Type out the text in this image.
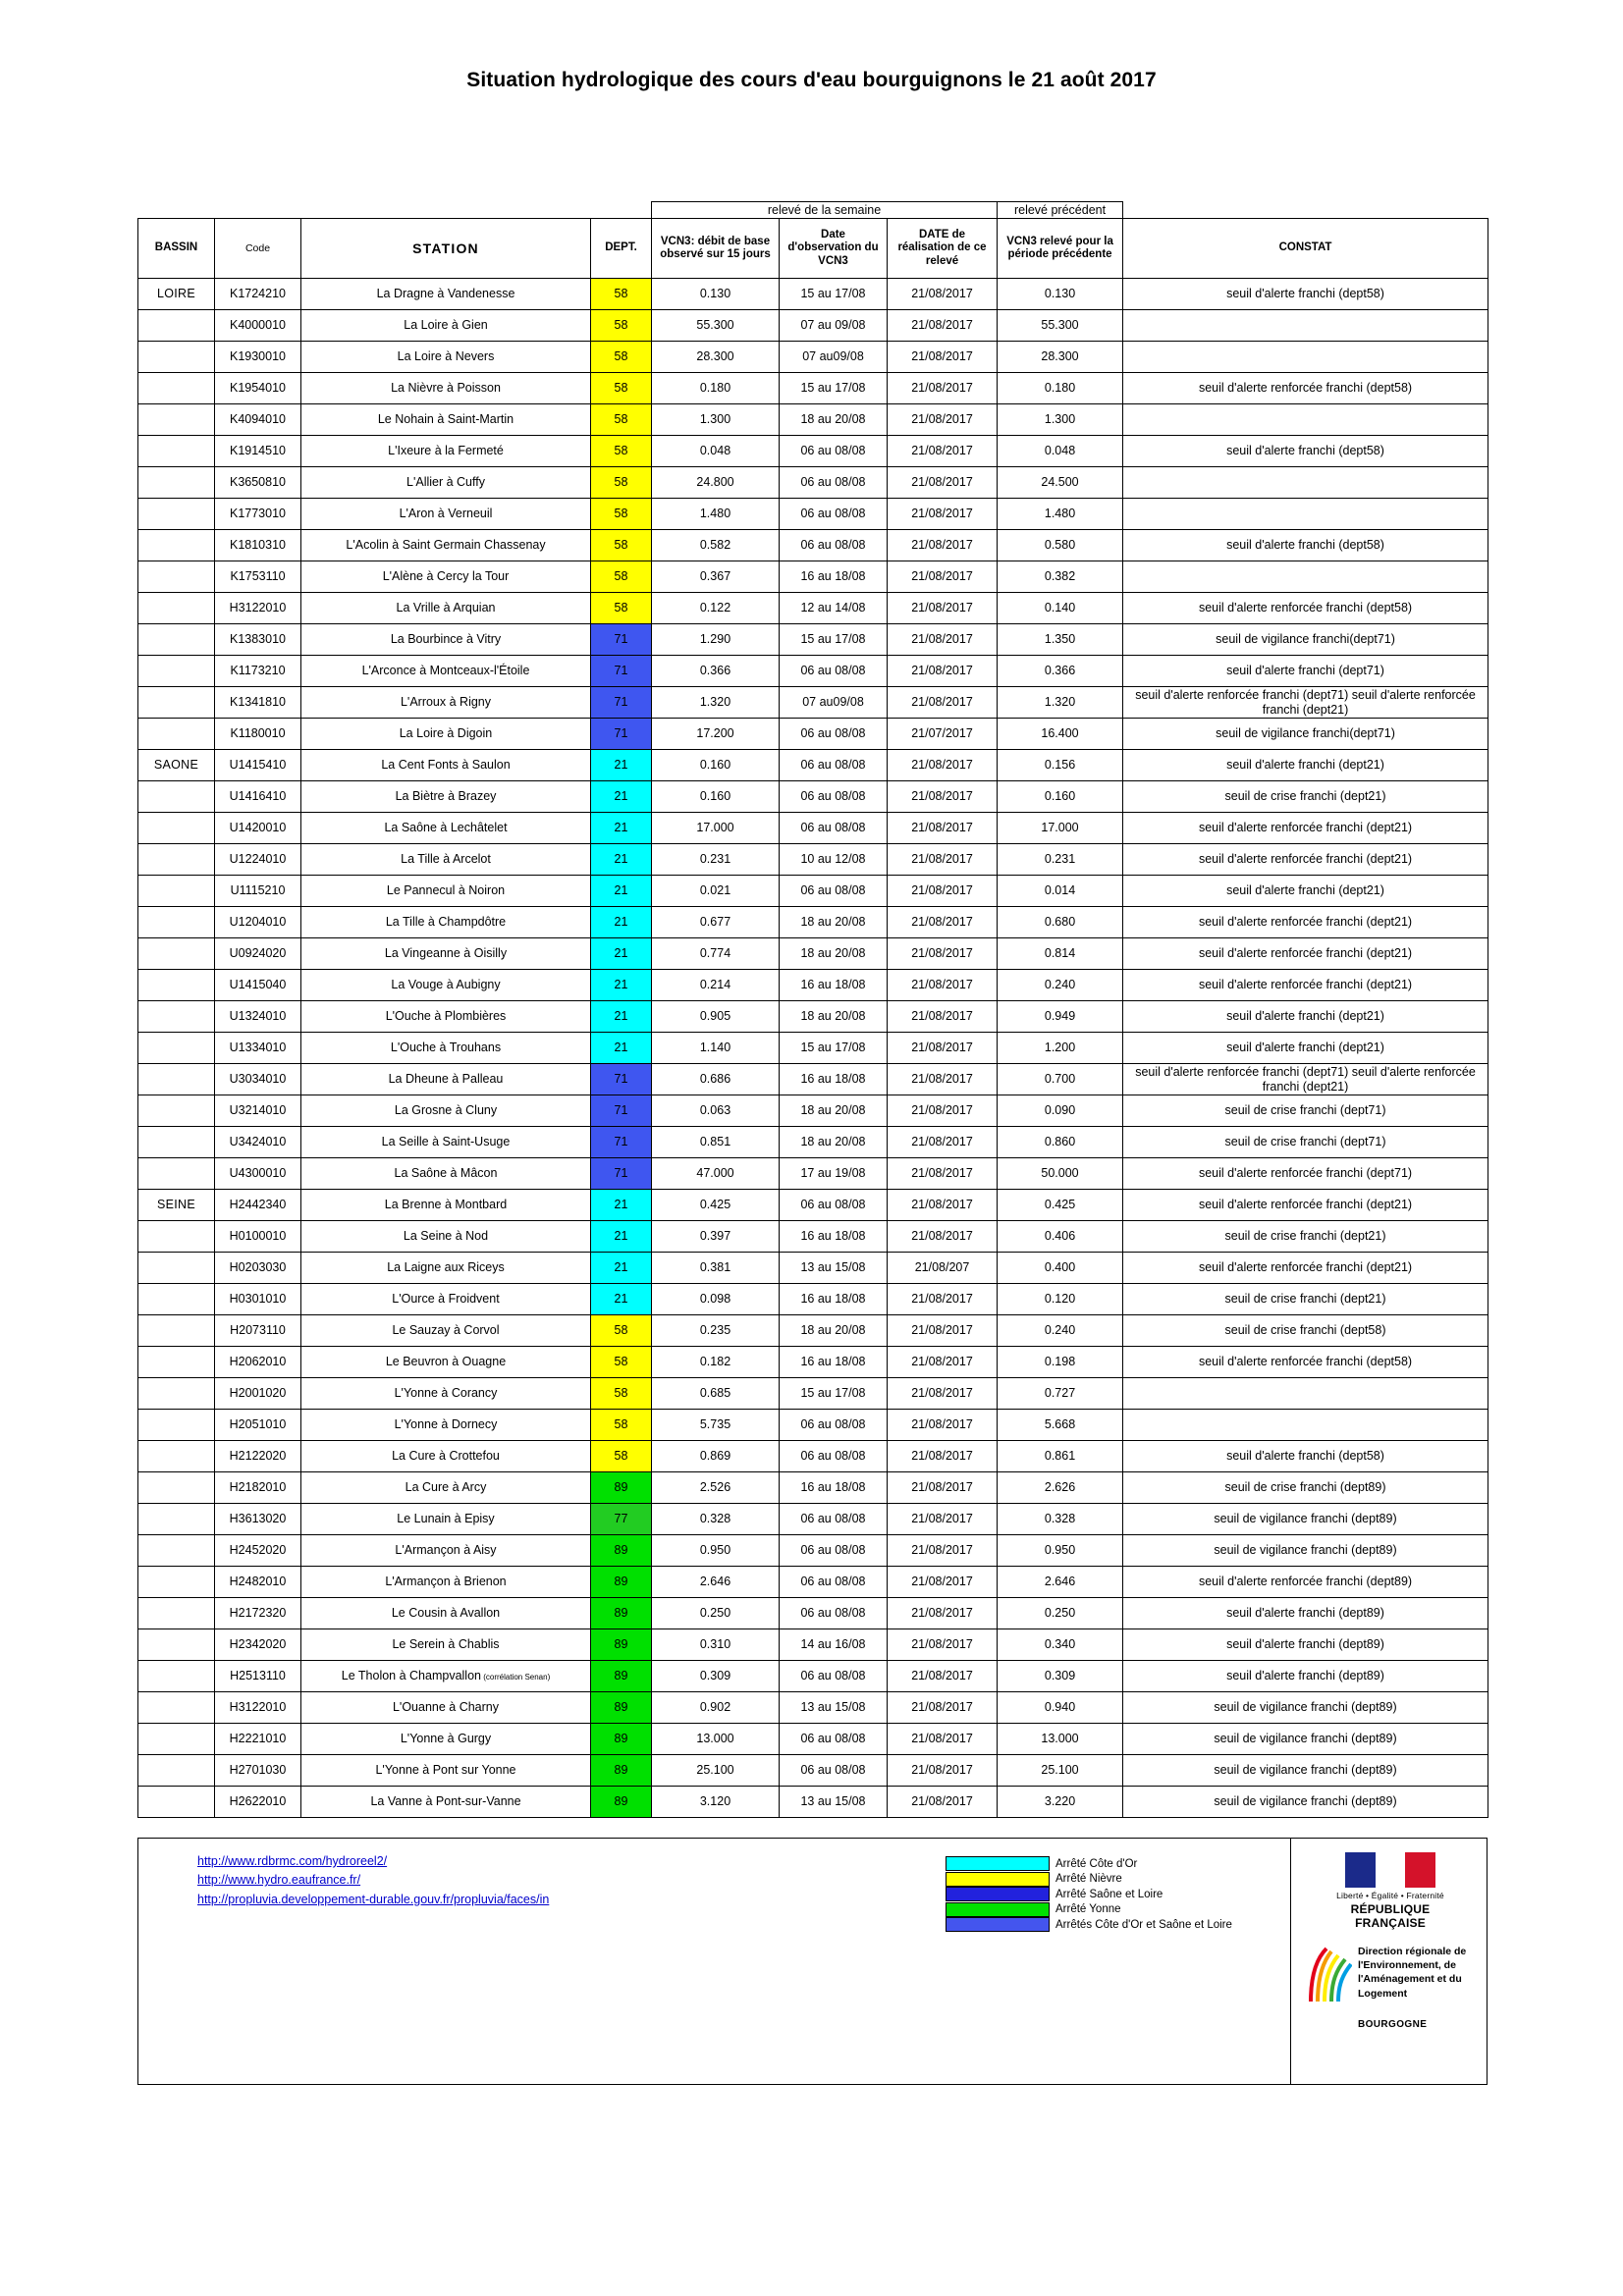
Situation hydrologique des cours d'eau bourguignons le 21 août 2017
				relevé de la semaine			relevé précédent	
BASSIN	Code	STATION	DEPT.	VCN3: débit de base observé sur 15 jours	Date d'observation du VCN3	DATE de réalisation de ce relevé	VCN3 relevé pour la période précédente	CONSTAT
LOIRE	K1724210	La Dragne à Vandenesse	58	0.130	15 au 17/08	21/08/2017	0.130	seuil d'alerte franchi (dept58)
	K4000010	La Loire à Gien	58	55.300	07 au 09/08	21/08/2017	55.300	
	K1930010	La Loire à Nevers	58	28.300	07 au09/08	21/08/2017	28.300	
	K1954010	La Nièvre à Poisson	58	0.180	15 au 17/08	21/08/2017	0.180	seuil d'alerte renforcée franchi (dept58)
	K4094010	Le Nohain à Saint-Martin	58	1.300	18 au 20/08	21/08/2017	1.300	
	K1914510	L'Ixeure à la Fermeté	58	0.048	06 au 08/08	21/08/2017	0.048	seuil d'alerte franchi (dept58)
	K3650810	L'Allier à Cuffy	58	24.800	06 au 08/08	21/08/2017	24.500	
	K1773010	L'Aron à Verneuil	58	1.480	06 au 08/08	21/08/2017	1.480	
	K1810310	L'Acolin à Saint Germain Chassenay	58	0.582	06 au 08/08	21/08/2017	0.580	seuil d'alerte franchi (dept58)
	K1753110	L'Alène à Cercy la Tour	58	0.367	16 au 18/08	21/08/2017	0.382	
	H3122010	La Vrille à Arquian	58	0.122	12 au 14/08	21/08/2017	0.140	seuil d'alerte renforcée franchi (dept58)
	K1383010	La Bourbince à Vitry	71	1.290	15 au 17/08	21/08/2017	1.350	seuil de vigilance franchi(dept71)
	K1173210	L'Arconce à Montceaux-l'Étoile	71	0.366	06 au 08/08	21/08/2017	0.366	seuil d'alerte franchi (dept71)
	K1341810	L'Arroux à Rigny	71	1.320	07 au09/08	21/08/2017	1.320	seuil d'alerte renforcée franchi (dept71) seuil d'alerte renforcée franchi (dept21)
	K1180010	La Loire à Digoin	71	17.200	06 au 08/08	21/07/2017	16.400	seuil de vigilance franchi(dept71)
SAONE	U1415410	La Cent Fonts à Saulon	21	0.160	06 au 08/08	21/08/2017	0.156	seuil d'alerte franchi (dept21)
	U1416410	La Biètre à Brazey	21	0.160	06 au 08/08	21/08/2017	0.160	seuil de crise franchi (dept21)
	U1420010	La Saône à Lechâtelet	21	17.000	06 au 08/08	21/08/2017	17.000	seuil d'alerte renforcée franchi (dept21)
	U1224010	La Tille à Arcelot	21	0.231	10 au 12/08	21/08/2017	0.231	seuil d'alerte renforcée franchi (dept21)
	U1115210	Le Pannecul à Noiron	21	0.021	06 au 08/08	21/08/2017	0.014	seuil d'alerte franchi (dept21)
	U1204010	La Tille à Champdôtre	21	0.677	18 au 20/08	21/08/2017	0.680	seuil d'alerte renforcée franchi (dept21)
	U0924020	La Vingeanne à Oisilly	21	0.774	18 au 20/08	21/08/2017	0.814	seuil d'alerte renforcée franchi (dept21)
	U1415040	La Vouge à Aubigny	21	0.214	16 au 18/08	21/08/2017	0.240	seuil d'alerte renforcée franchi (dept21)
	U1324010	L'Ouche à Plombières	21	0.905	18 au 20/08	21/08/2017	0.949	seuil d'alerte franchi (dept21)
	U1334010	L'Ouche à Trouhans	21	1.140	15 au 17/08	21/08/2017	1.200	seuil d'alerte franchi (dept21)
	U3034010	La Dheune à Palleau	71	0.686	16 au 18/08	21/08/2017	0.700	seuil d'alerte renforcée franchi (dept71) seuil d'alerte renforcée franchi (dept21)
	U3214010	La Grosne à Cluny	71	0.063	18 au 20/08	21/08/2017	0.090	seuil de crise franchi (dept71)
	U3424010	La Seille à Saint-Usuge	71	0.851	18 au 20/08	21/08/2017	0.860	seuil de crise franchi (dept71)
	U4300010	La Saône à Mâcon	71	47.000	17 au 19/08	21/08/2017	50.000	seuil d'alerte renforcée franchi (dept71)
SEINE	H2442340	La Brenne à Montbard	21	0.425	06 au 08/08	21/08/2017	0.425	seuil d'alerte renforcée franchi (dept21)
	H0100010	La Seine à Nod	21	0.397	16 au 18/08	21/08/2017	0.406	seuil de crise franchi (dept21)
	H0203030	La Laigne aux Riceys	21	0.381	13 au 15/08	21/08/207	0.400	seuil d'alerte renforcée franchi (dept21)
	H0301010	L'Ource à Froidvent	21	0.098	16 au 18/08	21/08/2017	0.120	seuil de crise franchi (dept21)
	H2073110	Le Sauzay à Corvol	58	0.235	18 au 20/08	21/08/2017	0.240	seuil de crise franchi (dept58)
	H2062010	Le Beuvron à Ouagne	58	0.182	16 au 18/08	21/08/2017	0.198	seuil d'alerte renforcée franchi (dept58)
	H2001020	L'Yonne à Corancy	58	0.685	15 au 17/08	21/08/2017	0.727	
	H2051010	L'Yonne à Dornecy	58	5.735	06 au 08/08	21/08/2017	5.668	
	H2122020	La Cure à Crottefou	58	0.869	06 au 08/08	21/08/2017	0.861	seuil d'alerte franchi (dept58)
	H2182010	La Cure à Arcy	89	2.526	16 au 18/08	21/08/2017	2.626	seuil de crise franchi (dept89)
	H3613020	Le Lunain à Episy	77	0.328	06 au 08/08	21/08/2017	0.328	seuil de vigilance franchi (dept89)
	H2452020	L'Armançon à Aisy	89	0.950	06 au 08/08	21/08/2017	0.950	seuil de vigilance franchi (dept89)
	H2482010	L'Armançon à Brienon	89	2.646	06 au 08/08	21/08/2017	2.646	seuil d'alerte renforcée franchi (dept89)
	H2172320	Le Cousin à Avallon	89	0.250	06 au 08/08	21/08/2017	0.250	seuil d'alerte franchi (dept89)
	H2342020	Le Serein à Chablis	89	0.310	14 au 16/08	21/08/2017	0.340	seuil d'alerte franchi (dept89)
	H2513110	Le Tholon à Champvallon (corrélation Senan)	89	0.309	06 au 08/08	21/08/2017	0.309	seuil d'alerte franchi (dept89)
	H3122010	L'Ouanne à Charny	89	0.902	13 au 15/08	21/08/2017	0.940	seuil de vigilance franchi (dept89)
	H2221010	L'Yonne à Gurgy	89	13.000	06 au 08/08	21/08/2017	13.000	seuil de vigilance franchi (dept89)
	H2701030	L'Yonne à Pont sur Yonne	89	25.100	06 au 08/08	21/08/2017	25.100	seuil de vigilance franchi (dept89)
	H2622010	La Vanne à Pont-sur-Vanne	89	3.120	13 au 15/08	21/08/2017	3.220	seuil de vigilance franchi (dept89)
http://www.rdbrmc.com/hydroreel2/
http://www.hydro.eaufrance.fr/
http://propluvia.developpement-durable.gouv.fr/propluvia/faces/in

Arrêté Côte d'Or
Arrêté Nièvre
Arrêté Saône et Loire
Arrêté Yonne
Arrêtés Côte d'Or et Saône et Loire
Liberté • Égalité • Fraternité
RÉPUBLIQUE FRANÇAISE
Direction régionale de l'Environnement, de l'Aménagement et du Logement
BOURGOGNE
